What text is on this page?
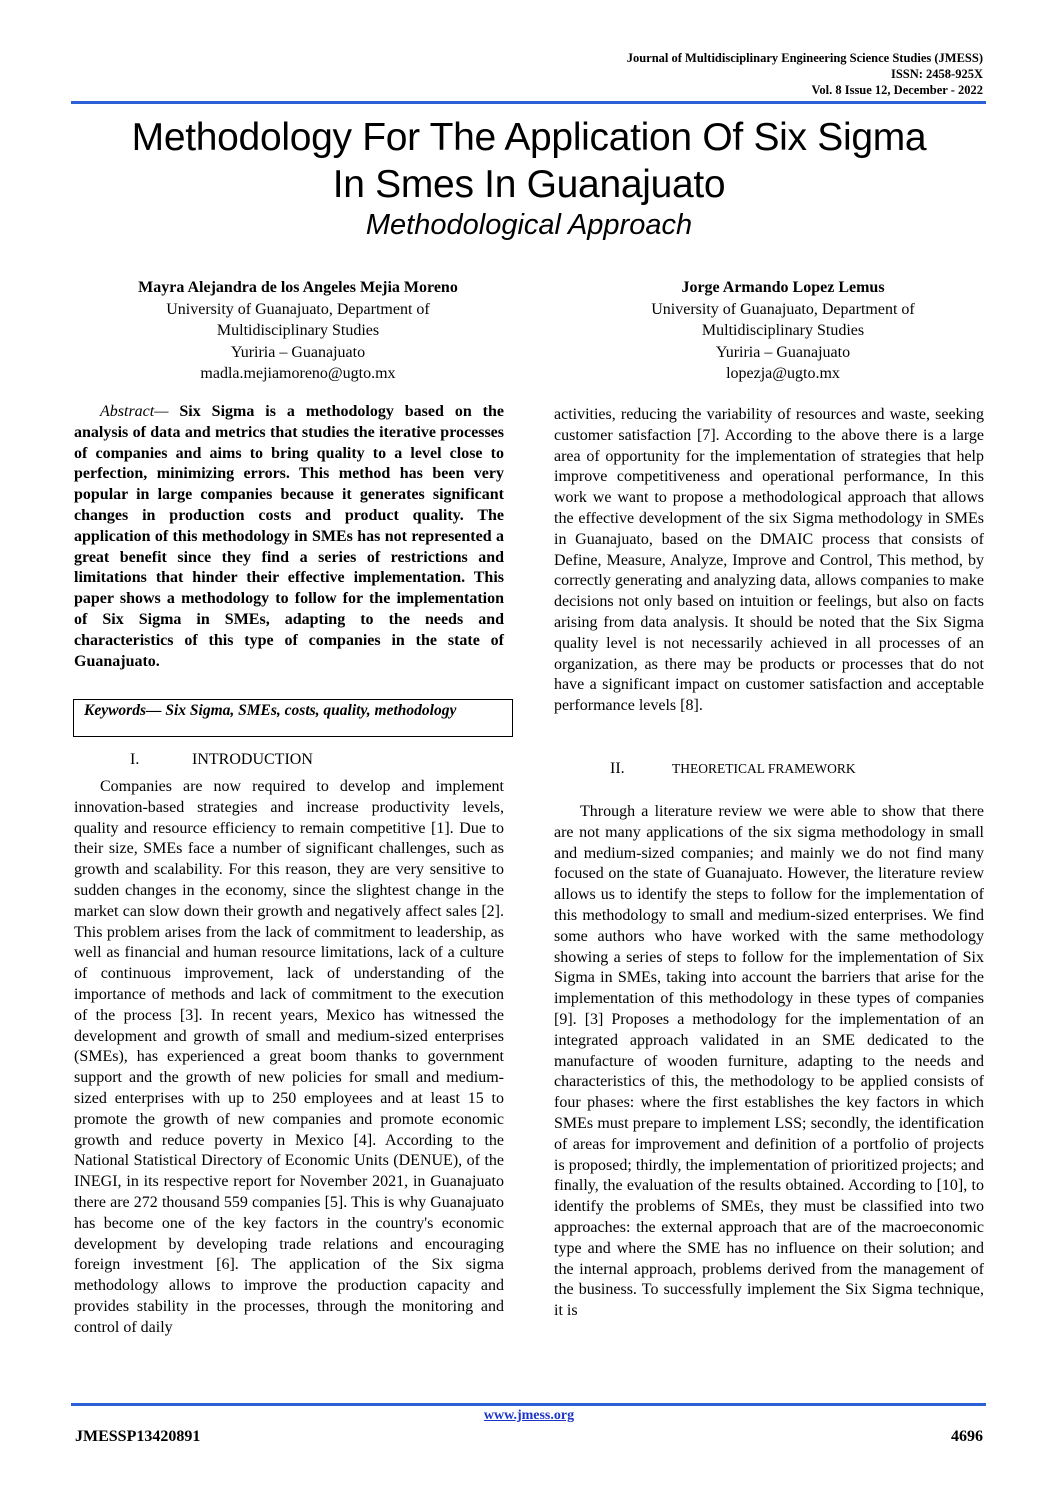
Journal of Multidisciplinary Engineering Science Studies (JMESS)
ISSN: 2458-925X
Vol. 8 Issue 12, December - 2022
Methodology For The Application Of Six Sigma
In Smes In Guanajuato
Methodological Approach
Mayra Alejandra de los Angeles Mejia Moreno
University of Guanajuato, Department of
Multidisciplinary Studies
Yuriria – Guanajuato
madla.mejiamoreno@ugto.mx
Jorge Armando Lopez Lemus
University of Guanajuato, Department of
Multidisciplinary Studies
Yuriria – Guanajuato
lopezja@ugto.mx
Abstract— Six Sigma is a methodology based on the analysis of data and metrics that studies the iterative processes of companies and aims to bring quality to a level close to perfection, minimizing errors. This method has been very popular in large companies because it generates significant changes in production costs and product quality. The application of this methodology in SMEs has not represented a great benefit since they find a series of restrictions and limitations that hinder their effective implementation. This paper shows a methodology to follow for the implementation of Six Sigma in SMEs, adapting to the needs and characteristics of this type of companies in the state of Guanajuato.
Keywords— Six Sigma, SMEs, costs, quality, methodology
I.	INTRODUCTION

Companies are now required to develop and implement innovation-based strategies and increase productivity levels, quality and resource efficiency to remain competitive [1]. Due to their size, SMEs face a number of significant challenges, such as growth and scalability. For this reason, they are very sensitive to sudden changes in the economy, since the slightest change in the market can slow down their growth and negatively affect sales [2]. This problem arises from the lack of commitment to leadership, as well as financial and human resource limitations, lack of a culture of continuous improvement, lack of understanding of the importance of methods and lack of commitment to the execution of the process [3]. In recent years, Mexico has witnessed the development and growth of small and medium-sized enterprises (SMEs), has experienced a great boom thanks to government support and the growth of new policies for small and medium-sized enterprises with up to 250 employees and at least 15 to promote the growth of new companies and promote economic growth and reduce poverty in Mexico [4]. According to the National Statistical Directory of Economic Units (DENUE), of the INEGI, in its respective report for November 2021, in Guanajuato there are 272 thousand 559 companies [5]. This is why Guanajuato has become one of the key factors in the country's economic development by developing trade relations and encouraging foreign investment [6]. The application of the Six sigma methodology allows to improve the production capacity and provides stability in the processes, through the monitoring and control of daily

activities, reducing the variability of resources and waste, seeking customer satisfaction [7]. According to the above there is a large area of opportunity for the implementation of strategies that help improve competitiveness and operational performance, In this work we want to propose a methodological approach that allows the effective development of the six Sigma methodology in SMEs in Guanajuato, based on the DMAIC process that consists of Define, Measure, Analyze, Improve and Control, This method, by correctly generating and analyzing data, allows companies to make decisions not only based on intuition or feelings, but also on facts arising from data analysis. It should be noted that the Six Sigma quality level is not necessarily achieved in all processes of an organization, as there may be products or processes that do not have a significant impact on customer satisfaction and acceptable performance levels [8].

II.	THEORETICAL FRAMEWORK

Through a literature review we were able to show that there are not many applications of the six sigma methodology in small and medium-sized companies; and mainly we do not find many focused on the state of Guanajuato. However, the literature review allows us to identify the steps to follow for the implementation of this methodology to small and medium-sized enterprises. We find some authors who have worked with the same methodology showing a series of steps to follow for the implementation of Six Sigma in SMEs, taking into account the barriers that arise for the implementation of this methodology in these types of companies [9]. [3] Proposes a methodology for the implementation of an integrated approach validated in an SME dedicated to the manufacture of wooden furniture, adapting to the needs and characteristics of this, the methodology to be applied consists of four phases: where the first establishes the key factors in which SMEs must prepare to implement LSS; secondly, the identification of areas for improvement and definition of a portfolio of projects is proposed; thirdly, the implementation of prioritized projects; and finally, the evaluation of the results obtained. According to [10], to identify the problems of SMEs, they must be classified into two approaches: the external approach that are of the macroeconomic type and where the SME has no influence on their solution; and the internal approach, problems derived from the management of the business. To successfully implement the Six Sigma technique, it is

www.jmess.org
JMESSP13420891	4696
